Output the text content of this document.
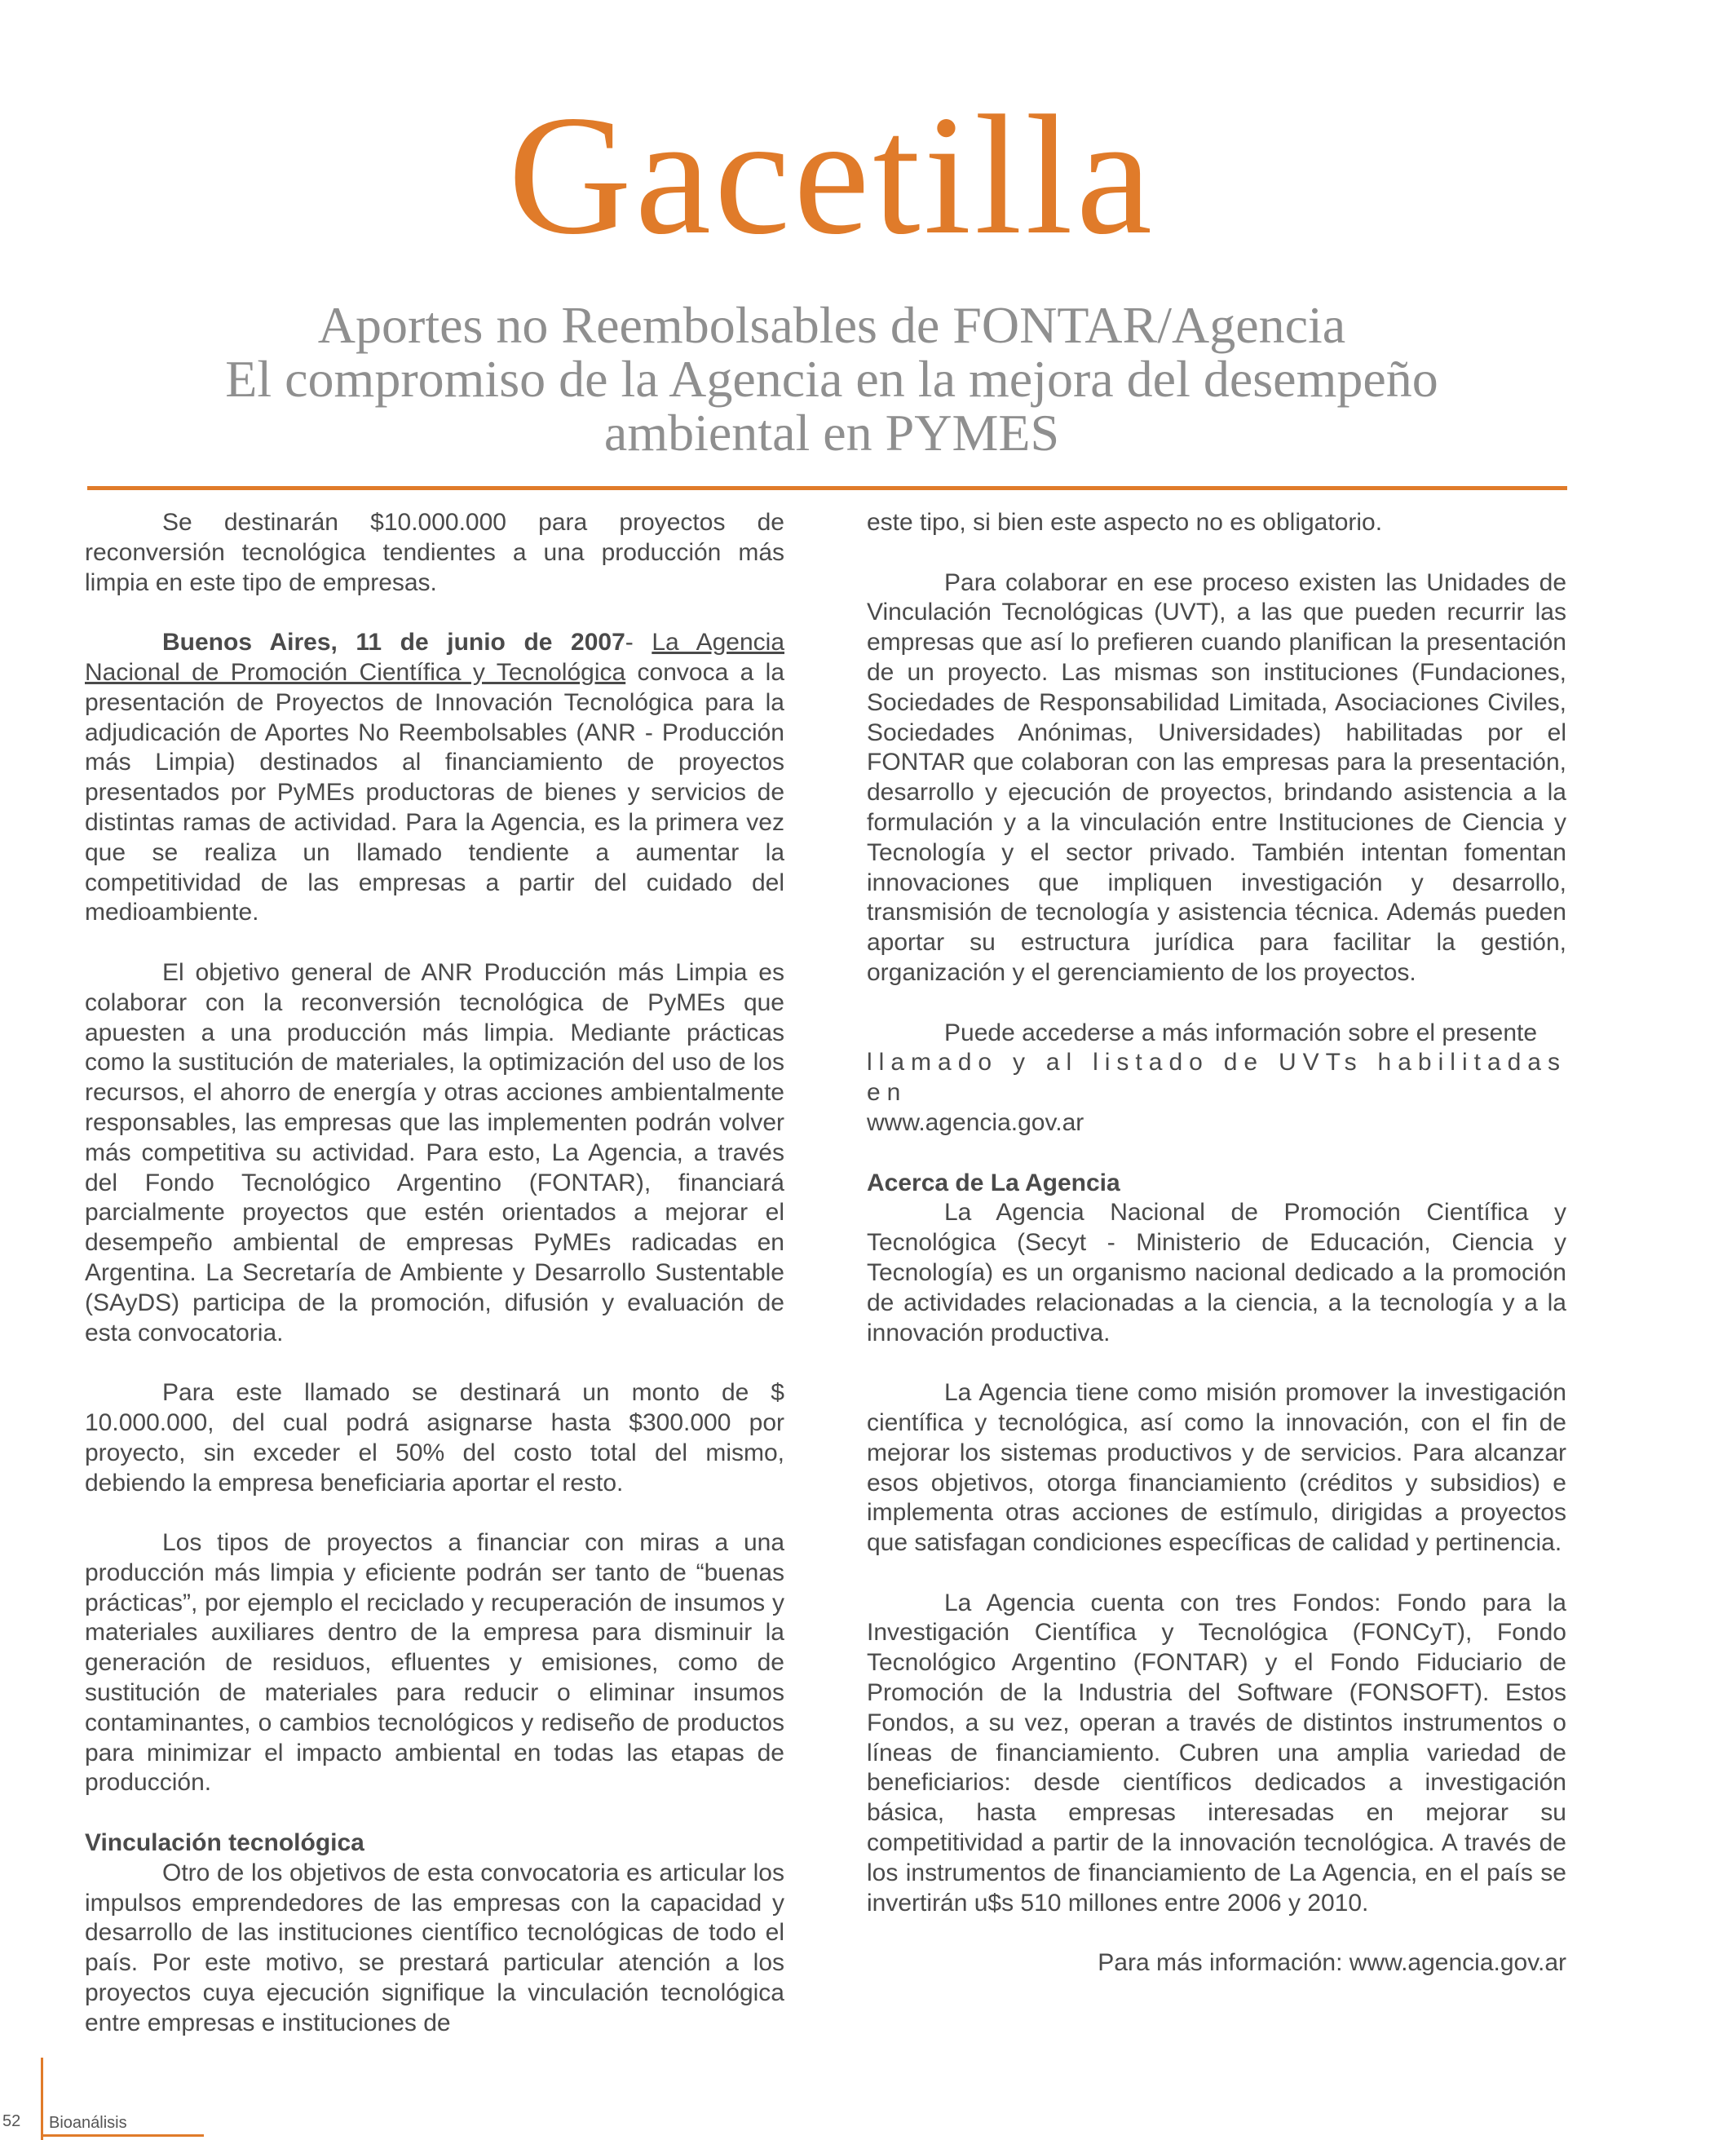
Gacetilla
Aportes no Reembolsables de FONTAR/Agencia
El compromiso de la Agencia en la mejora del desempeño
ambiental en PYMES

Se destinarán $10.000.000 para proyectos de reconversión tecnológica tendientes a una producción más limpia en este tipo de empresas.

Buenos Aires, 11 de junio de 2007- La Agencia Nacional de Promoción Científica y Tecnológica convoca a la presentación de Proyectos de Innovación Tecnológica para la adjudicación de Aportes No Reembolsables (ANR - Producción más Limpia) destinados al financiamiento de proyectos presentados por PyMEs productoras de bienes y servicios de distintas ramas de actividad. Para la Agencia, es la primera vez que se realiza un llamado tendiente a aumentar la competitividad de las empresas a partir del cuidado del medioambiente.

El objetivo general de ANR Producción más Limpia es colaborar con la reconversión tecnológica de PyMEs que apuesten a una producción más limpia. Mediante prácticas como la sustitución de materiales, la optimización del uso de los recursos, el ahorro de energía y otras acciones ambientalmente responsables, las empresas que las implementen podrán volver más competitiva su actividad. Para esto, La Agencia, a través del Fondo Tecnológico Argentino (FONTAR), financiará parcialmente proyectos que estén orientados a mejorar el desempeño ambiental de empresas PyMEs radicadas en Argentina. La Secretaría de Ambiente y Desarrollo Sustentable (SAyDS) participa de la promoción, difusión y evaluación de esta convocatoria.

Para este llamado se destinará un monto de $ 10.000.000, del cual podrá asignarse hasta $300.000 por proyecto, sin exceder el 50% del costo total del mismo, debiendo la empresa beneficiaria aportar el resto.

Los tipos de proyectos a financiar con miras a una producción más limpia y eficiente podrán ser tanto de “buenas prácticas”, por ejemplo el reciclado y recuperación de insumos y materiales auxiliares dentro de la empresa para disminuir la generación de residuos, efluentes y emisiones, como de sustitución de materiales para reducir o eliminar insumos contaminantes, o cambios tecnológicos y rediseño de productos para minimizar el impacto ambiental en todas las etapas de producción.

Vinculación tecnológica

Otro de los objetivos de esta convocatoria es articular los impulsos emprendedores de las empresas con la capacidad y desarrollo de las instituciones científico tecnológicas de todo el país. Por este motivo, se prestará particular atención a los proyectos cuya ejecución signifique la vinculación tecnológica entre empresas e instituciones de

este tipo, si bien este aspecto no es obligatorio.

Para colaborar en ese proceso existen las Unidades de Vinculación Tecnológicas (UVT), a las que pueden recurrir las empresas que así lo prefieren cuando planifican la presentación de un proyecto. Las mismas son instituciones (Fundaciones, Sociedades de Responsabilidad Limitada, Asociaciones Civiles, Sociedades Anónimas, Universidades) habilitadas por el FONTAR que colaboran con las empresas para la presentación, desarrollo y ejecución de proyectos, brindando asistencia a la formulación y a la vinculación entre Instituciones de Ciencia y Tecnología y el sector privado. También intentan fomentan innovaciones que impliquen investigación y desarrollo, transmisión de tecnología y asistencia técnica. Además pueden aportar su estructura jurídica para facilitar la gestión, organización y el gerenciamiento de los proyectos.

Puede accederse a más información sobre el presente
llamado y al listado de UVTs habilitadas en
www.agencia.gov.ar

Acerca de La Agencia

La Agencia Nacional de Promoción Científica y Tecnológica (Secyt - Ministerio de Educación, Ciencia y Tecnología) es un organismo nacional dedicado a la promoción de actividades relacionadas a la ciencia, a la tecnología y a la innovación productiva.

La Agencia tiene como misión promover la investigación científica y tecnológica, así como la innovación, con el fin de mejorar los sistemas productivos y de servicios. Para alcanzar esos objetivos, otorga financiamiento (créditos y subsidios) e implementa otras acciones de estímulo, dirigidas a proyectos que satisfagan condiciones específicas de calidad y pertinencia.

La Agencia cuenta con tres Fondos: Fondo para la Investigación Científica y Tecnológica (FONCyT), Fondo Tecnológico Argentino (FONTAR) y el Fondo Fiduciario de Promoción de la Industria del Software (FONSOFT). Estos Fondos, a su vez, operan a través de distintos instrumentos o líneas de financiamiento. Cubren una amplia variedad de beneficiarios: desde científicos dedicados a investigación básica, hasta empresas interesadas en mejorar su competitividad a partir de la innovación tecnológica. A través de los instrumentos de financiamiento de La Agencia, en el país se invertirán u$s 510 millones entre 2006 y 2010.

Para más información: www.agencia.gov.ar

52 Bioanálisis
